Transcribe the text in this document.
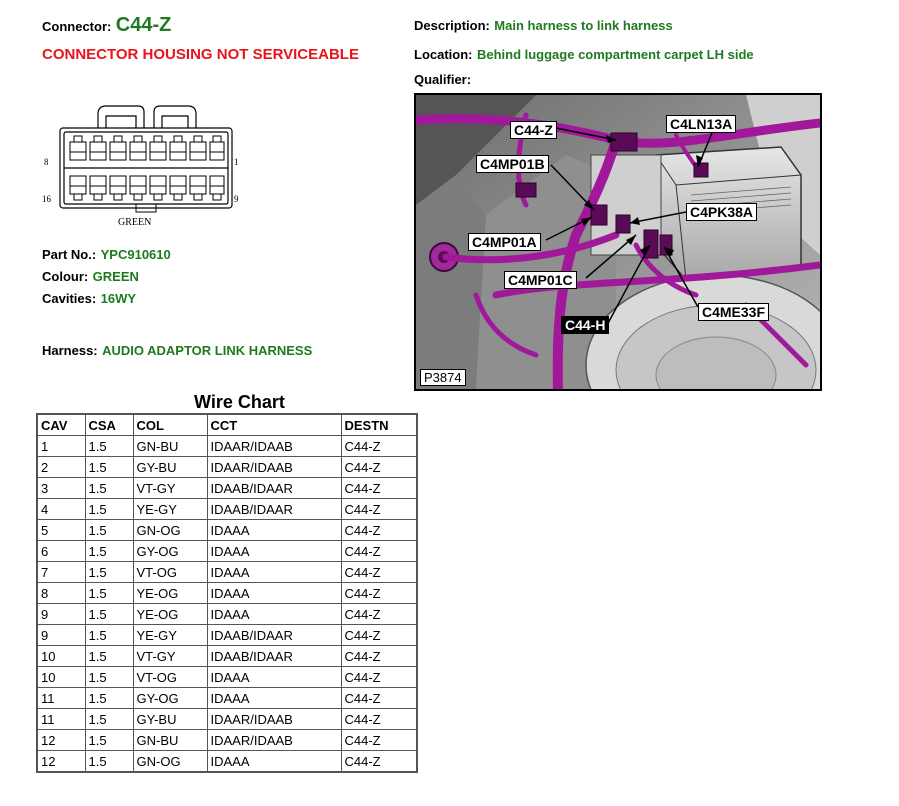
Connector: C44-Z
CONNECTOR HOUSING NOT SERVICEABLE
Description: Main harness to link harness
Location: Behind luggage compartment carpet LH side
Qualifier:
8	1
16	9
GREEN
Part No.: YPC910610
Colour: GREEN
Cavities: 16WY
Harness: AUDIO ADAPTOR LINK HARNESS
C44-Z	C4LN13A
C4MP01B
C4PK38A
C4MP01A
C4MP01C
C4ME33F
C44-H
P3874
Wire Chart
CAV	CSA	COL	CCT	DESTN
1	1.5	GN-BU	IDAAR/IDAAB	C44-Z
2	1.5	GY-BU	IDAAR/IDAAB	C44-Z
3	1.5	VT-GY	IDAAB/IDAAR	C44-Z
4	1.5	YE-GY	IDAAB/IDAAR	C44-Z
5	1.5	GN-OG	IDAAA	C44-Z
6	1.5	GY-OG	IDAAA	C44-Z
7	1.5	VT-OG	IDAAA	C44-Z
8	1.5	YE-OG	IDAAA	C44-Z
9	1.5	YE-OG	IDAAA	C44-Z
9	1.5	YE-GY	IDAAB/IDAAR	C44-Z
10	1.5	VT-GY	IDAAB/IDAAR	C44-Z
10	1.5	VT-OG	IDAAA	C44-Z
11	1.5	GY-OG	IDAAA	C44-Z
11	1.5	GY-BU	IDAAR/IDAAB	C44-Z
12	1.5	GN-BU	IDAAR/IDAAB	C44-Z
12	1.5	GN-OG	IDAAA	C44-Z
